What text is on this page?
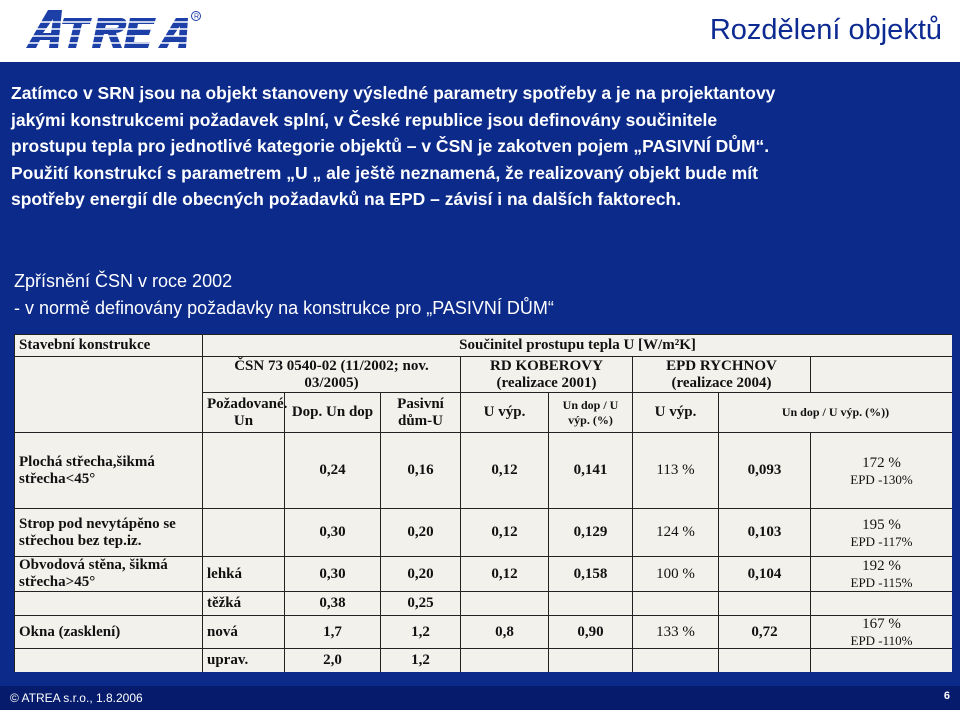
R	Rozdělení objektů
Zatímco v SRN jsou na objekt stanoveny výsledné parametry spotřeby a je na projektantovy
jakými konstrukcemi požadavek splní, v České republice jsou definovány součinitele
prostupu tepla pro jednotlivé kategorie objektů – v ČSN je zakotven pojem „PASIVNÍ DŮM“.
Použití konstrukcí s parametrem „U „ ale ještě neznamená, že realizovaný objekt bude mít
spotřeby energií dle obecných požadavků na EPD – závisí i na dalších faktorech.
Zpřísnění ČSN v roce 2002
- v normě definovány požadavky na konstrukce pro „PASIVNÍ DŮM“
Stavební konstrukce	Součinitel prostupu tepla U [W/m²K]							
	ČSN 73 0540-02 (11/2002; nov. 03/2005)			RD KOBEROVY (realizace 2001)		EPD RYCHNOV (realizace 2004)		
	Požadované. Un	Dop. Un dop	Pasivní dům-U	U výp.	Un dop / U výp. (%)	U výp.	Un dop / U výp. (%))	
Plochá střecha,šikmá střecha<45°		0,24	0,16	0,12	0,141	113 %	0,093	172 %
EPD -130%

Strop pod nevytápěno se střechou bez tep.iz.		0,30	0,20	0,12	0,129	124 %	0,103	195 %
EPD -117%

Obvodová stěna, šikmá střecha>45°	lehká	0,30	0,20	0,12	0,158	100 %	0,104	192 %
EPD -115%

	těžká	0,38	0,25					
Okna (zasklení)	nová	1,7	1,2	0,8	0,90	133 %	0,72	167 %
EPD -110%

	uprav.	2,0	1,2					

© ATREA s.r.o., 1.8.2006	6
